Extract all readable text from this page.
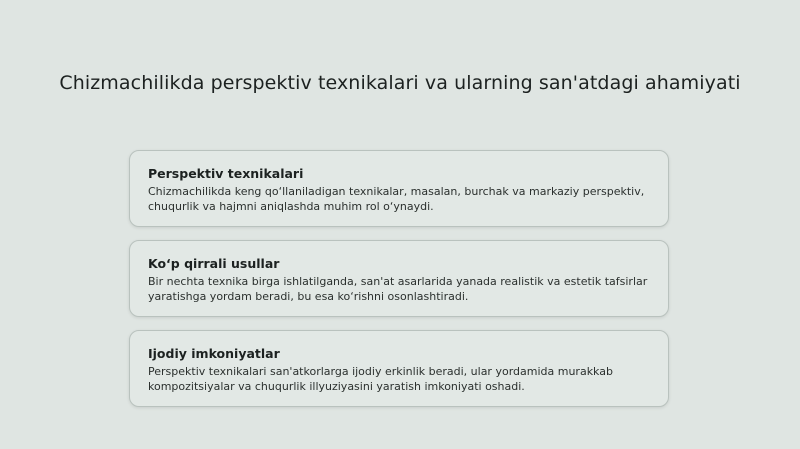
Chizmachilikda perspektiv texnikalari va ularning san'atdagi ahamiyati

Perspektiv texnikalari

Chizmachilikda keng qo‘llaniladigan texnikalar, masalan, burchak va markaziy perspektiv, chuqurlik va hajmni aniqlashda muhim rol o‘ynaydi.

Ko‘p qirrali usullar

Bir nechta texnika birga ishlatilganda, san'at asarlarida yanada realistik va estetik tafsirlar yaratishga yordam beradi, bu esa ko‘rishni osonlashtiradi.

Ijodiy imkoniyatlar

Perspektiv texnikalari san'atkorlarga ijodiy erkinlik beradi, ular yordamida murakkab kompozitsiyalar va chuqurlik illyuziyasini yaratish imkoniyati oshadi.
